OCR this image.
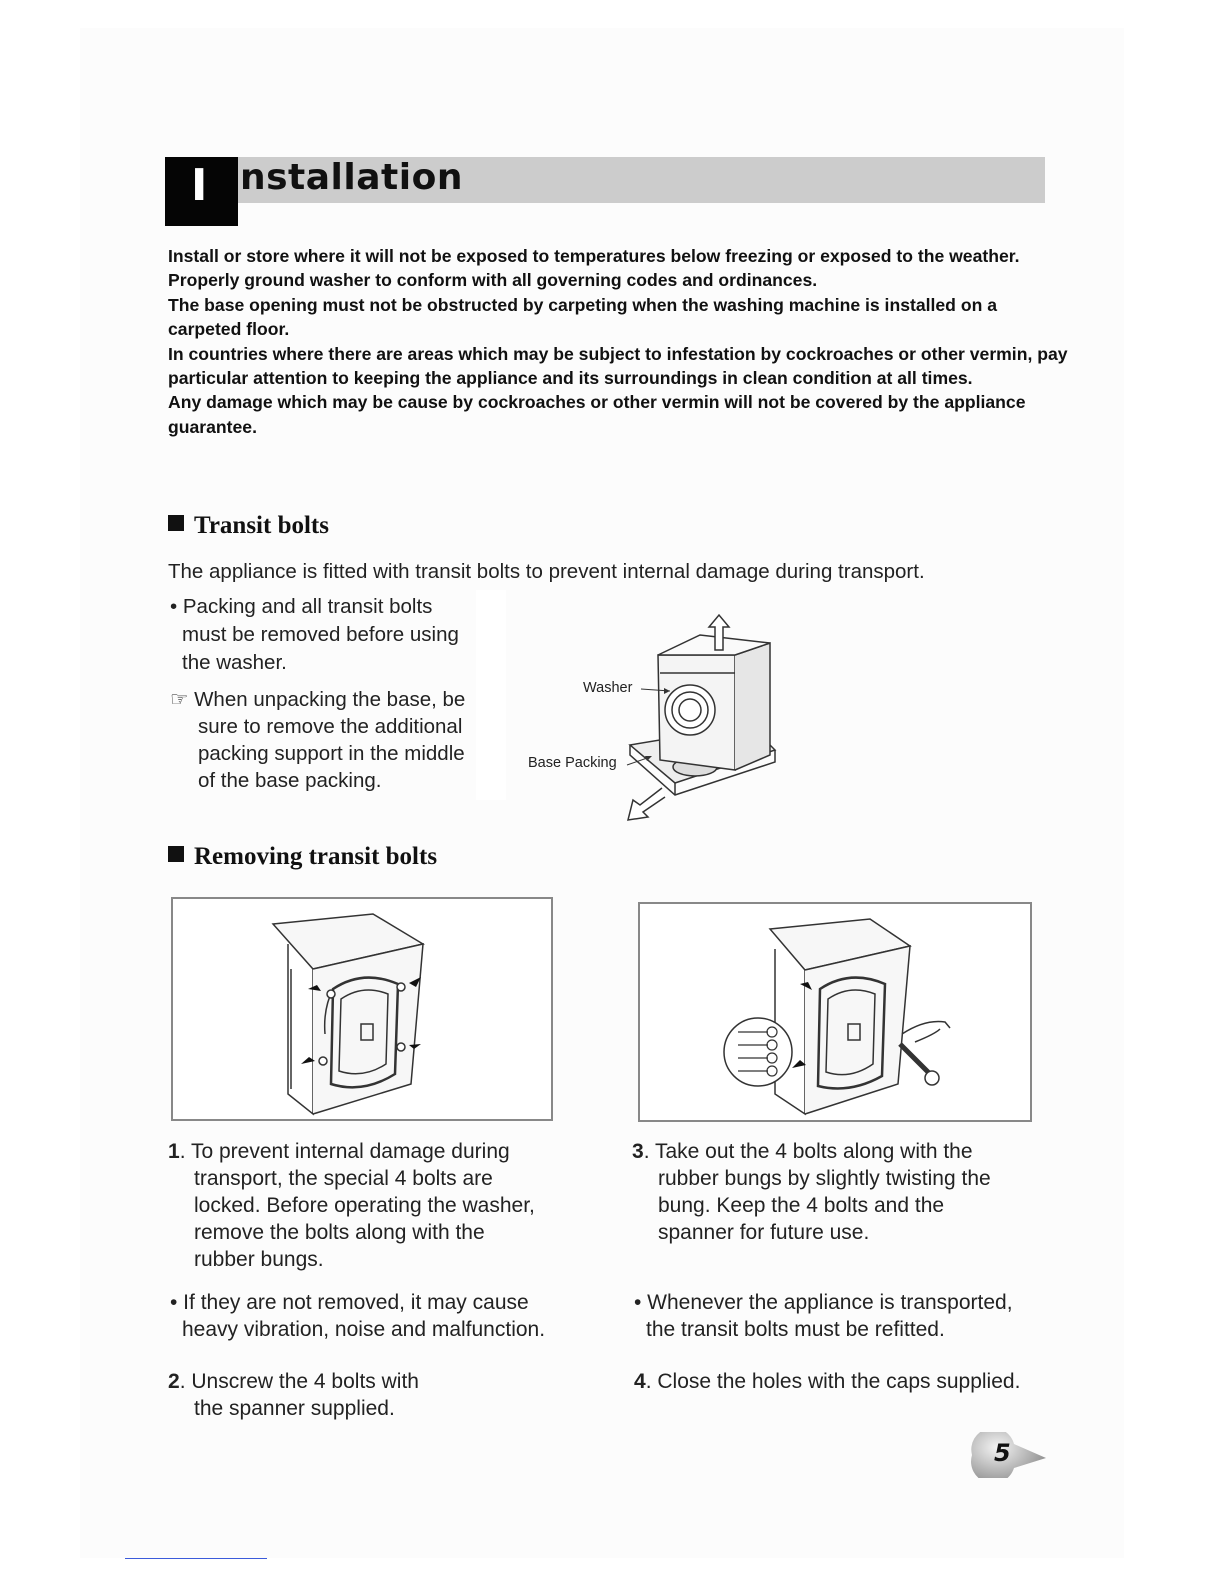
I nstallation

Install or store where it will not be exposed to temperatures below freezing or exposed to the weather.

Properly ground washer to conform with all governing codes and ordinances.

The base opening must not be obstructed by carpeting when the washing machine is installed on a carpeted floor.

In countries where there are areas which may be subject to infestation by cockroaches or other vermin, pay particular attention to keeping the appliance and its surroundings in clean condition at all times.

Any damage which may be cause by cockroaches or other vermin will not be covered by the appliance guarantee.

Transit bolts
The appliance is fitted with transit bolts to prevent internal damage during transport.
• Packing and all transit bolts
must be removed before using
the washer.
☞ When unpacking the base, be
sure to remove the additional
packing support in the middle
of the base packing.
Washer
Base Packing
Removing transit bolts
1. To prevent internal damage during
transport, the special 4 bolts are
locked. Before operating the washer,
remove the bolts along with the
rubber bungs.
• If they are not removed, it may cause
heavy vibration, noise and malfunction.
2. Unscrew the 4 bolts with
the spanner supplied.
3. Take out the 4 bolts along with the
rubber bungs by slightly twisting the
bung. Keep the 4 bolts and the
spanner for future use.
• Whenever the appliance is transported,
the transit bolts must be refitted.
4. Close the holes with the caps supplied.
5
